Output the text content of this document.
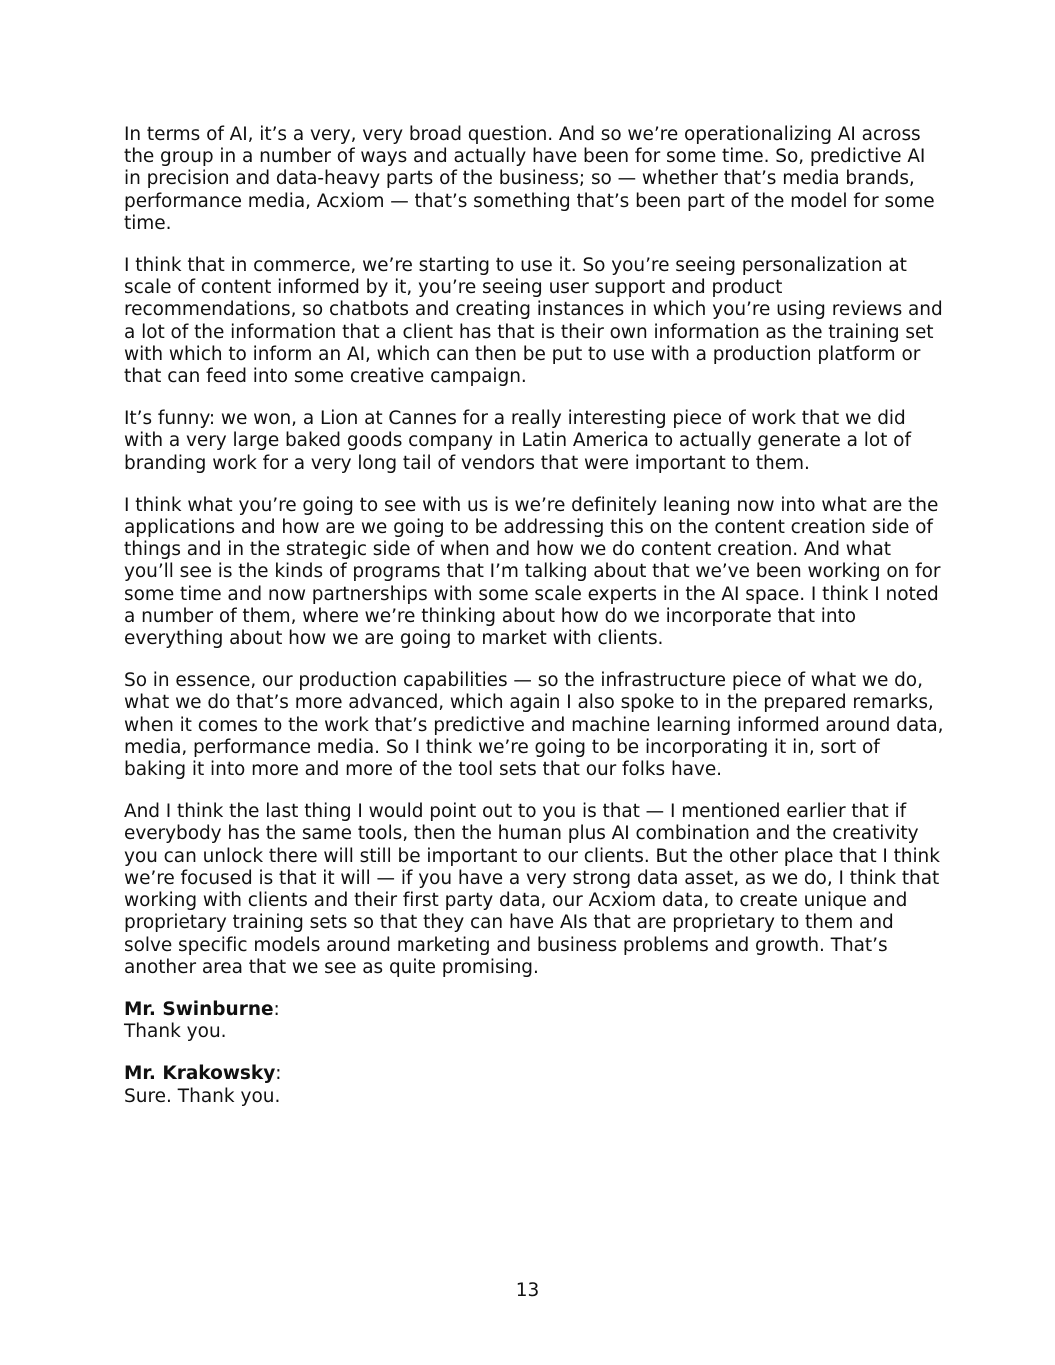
In terms of AI, it’s a very, very broad question. And so we’re operationalizing AI across the group in a number of ways and actually have been for some time. So, predictive AI in precision and data-heavy parts of the business; so — whether that’s media brands, performance media, Acxiom — that’s something that’s been part of the model for some time.

I think that in commerce, we’re starting to use it. So you’re seeing personalization at scale of content informed by it, you’re seeing user support and product recommendations, so chatbots and creating instances in which you’re using reviews and a lot of the information that a client has that is their own information as the training set with which to inform an AI, which can then be put to use with a production platform or that can feed into some creative campaign.

It’s funny: we won, a Lion at Cannes for a really interesting piece of work that we did with a very large baked goods company in Latin America to actually generate a lot of branding work for a very long tail of vendors that were important to them.

I think what you’re going to see with us is we’re definitely leaning now into what are the applications and how are we going to be addressing this on the content creation side of things and in the strategic side of when and how we do content creation. And what you’ll see is the kinds of programs that I’m talking about that we’ve been working on for some time and now partnerships with some scale experts in the AI space. I think I noted a number of them, where we’re thinking about how do we incorporate that into everything about how we are going to market with clients.

So in essence, our production capabilities — so the infrastructure piece of what we do, what we do that’s more advanced, which again I also spoke to in the prepared remarks, when it comes to the work that’s predictive and machine learning informed around data, media, performance media. So I think we’re going to be incorporating it in, sort of baking it into more and more of the tool sets that our folks have.

And I think the last thing I would point out to you is that — I mentioned earlier that if everybody has the same tools, then the human plus AI combination and the creativity you can unlock there will still be important to our clients. But the other place that I think we’re focused is that it will — if you have a very strong data asset, as we do, I think that working with clients and their first party data, our Acxiom data, to create unique and proprietary training sets so that they can have AIs that are proprietary to them and solve specific models around marketing and business problems and growth. That’s another area that we see as quite promising.

Mr. Swinburne:
Thank you.
Mr. Krakowsky:
Sure. Thank you.
13
